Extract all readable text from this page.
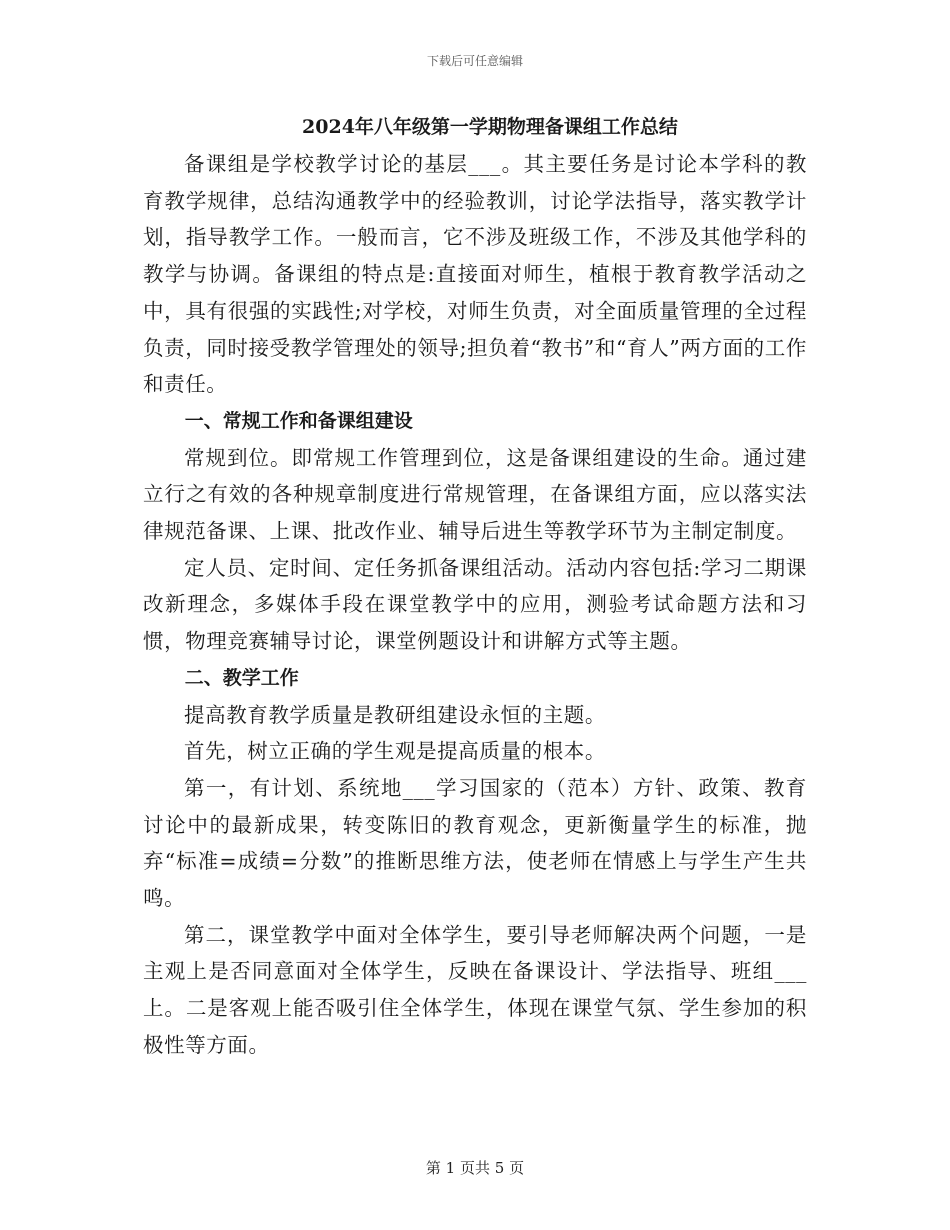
下载后可任意编辑
2024年八年级第一学期物理备课组工作总结

备课组是学校教学讨论的基层___。其主要任务是讨论本学科的教育教学规律，总结沟通教学中的经验教训，讨论学法指导，落实教学计划，指导教学工作。一般而言，它不涉及班级工作，不涉及其他学科的教学与协调。备课组的特点是:直接面对师生，植根于教育教学活动之中，具有很强的实践性;对学校，对师生负责，对全面质量管理的全过程负责，同时接受教学管理处的领导;担负着“教书”和“育人”两方面的工作和责任。

一、常规工作和备课组建设

常规到位。即常规工作管理到位，这是备课组建设的生命。通过建立行之有效的各种规章制度进行常规管理，在备课组方面，应以落实法律规范备课、上课、批改作业、辅导后进生等教学环节为主制定制度。

定人员、定时间、定任务抓备课组活动。活动内容包括:学习二期课改新理念，多媒体手段在课堂教学中的应用，测验考试命题方法和习惯，物理竞赛辅导讨论，课堂例题设计和讲解方式等主题。

二、教学工作

提高教育教学质量是教研组建设永恒的主题。

首先，树立正确的学生观是提高质量的根本。

第一，有计划、系统地___学习国家的（范本）方针、政策、教育讨论中的最新成果，转变陈旧的教育观念，更新衡量学生的标准，抛弃“标准=成绩=分数”的推断思维方法，使老师在情感上与学生产生共鸣。

第二，课堂教学中面对全体学生，要引导老师解决两个问题，一是主观上是否同意面对全体学生，反映在备课设计、学法指导、班组___上。二是客观上能否吸引住全体学生，体现在课堂气氛、学生参加的积极性等方面。

第 1 页共 5 页
